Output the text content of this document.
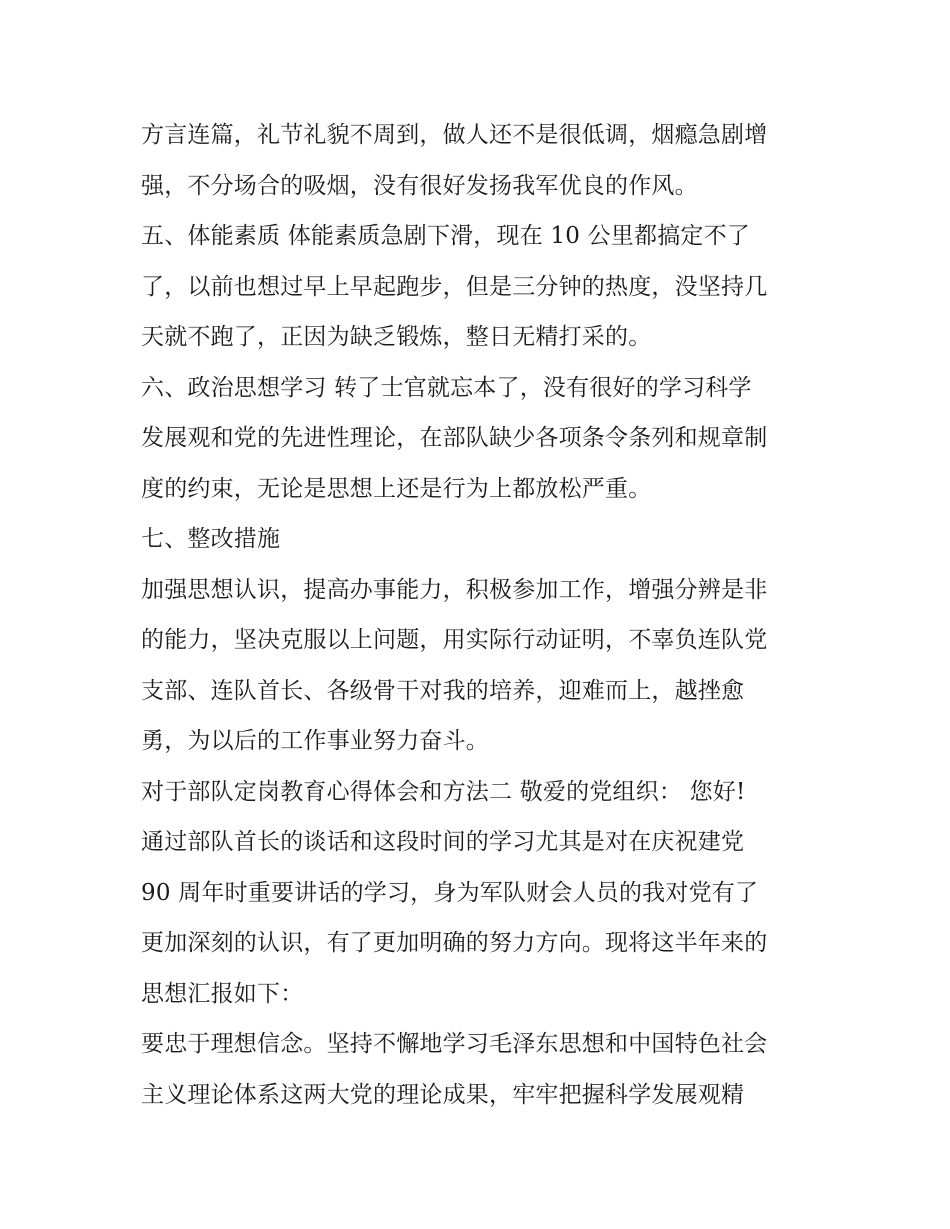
方言连篇，礼节礼貌不周到，做人还不是很低调，烟瘾急剧增
强，不分场合的吸烟，没有很好发扬我军优良的作风。
五、体能素质 体能素质急剧下滑，现在 10 公里都搞定不了
了，以前也想过早上早起跑步，但是三分钟的热度，没坚持几
天就不跑了，正因为缺乏锻炼，整日无精打采的。
六、政治思想学习 转了士官就忘本了，没有很好的学习科学
发展观和党的先进性理论，在部队缺少各项条令条列和规章制
度的约束，无论是思想上还是行为上都放松严重。
七、整改措施
加强思想认识，提高办事能力，积极参加工作，增强分辨是非
的能力，坚决克服以上问题，用实际行动证明，不辜负连队党
支部、连队首长、各级骨干对我的培养，迎难而上，越挫愈
勇，为以后的工作事业努力奋斗。
对于部队定岗教育心得体会和方法二 敬爱的党组织： 您好!
通过部队首长的谈话和这段时间的学习尤其是对在庆祝建党
90 周年时重要讲话的学习，身为军队财会人员的我对党有了
更加深刻的认识，有了更加明确的努力方向。现将这半年来的
思想汇报如下：
要忠于理想信念。坚持不懈地学习毛泽东思想和中国特色社会
主义理论体系这两大党的理论成果，牢牢把握科学发展观精
